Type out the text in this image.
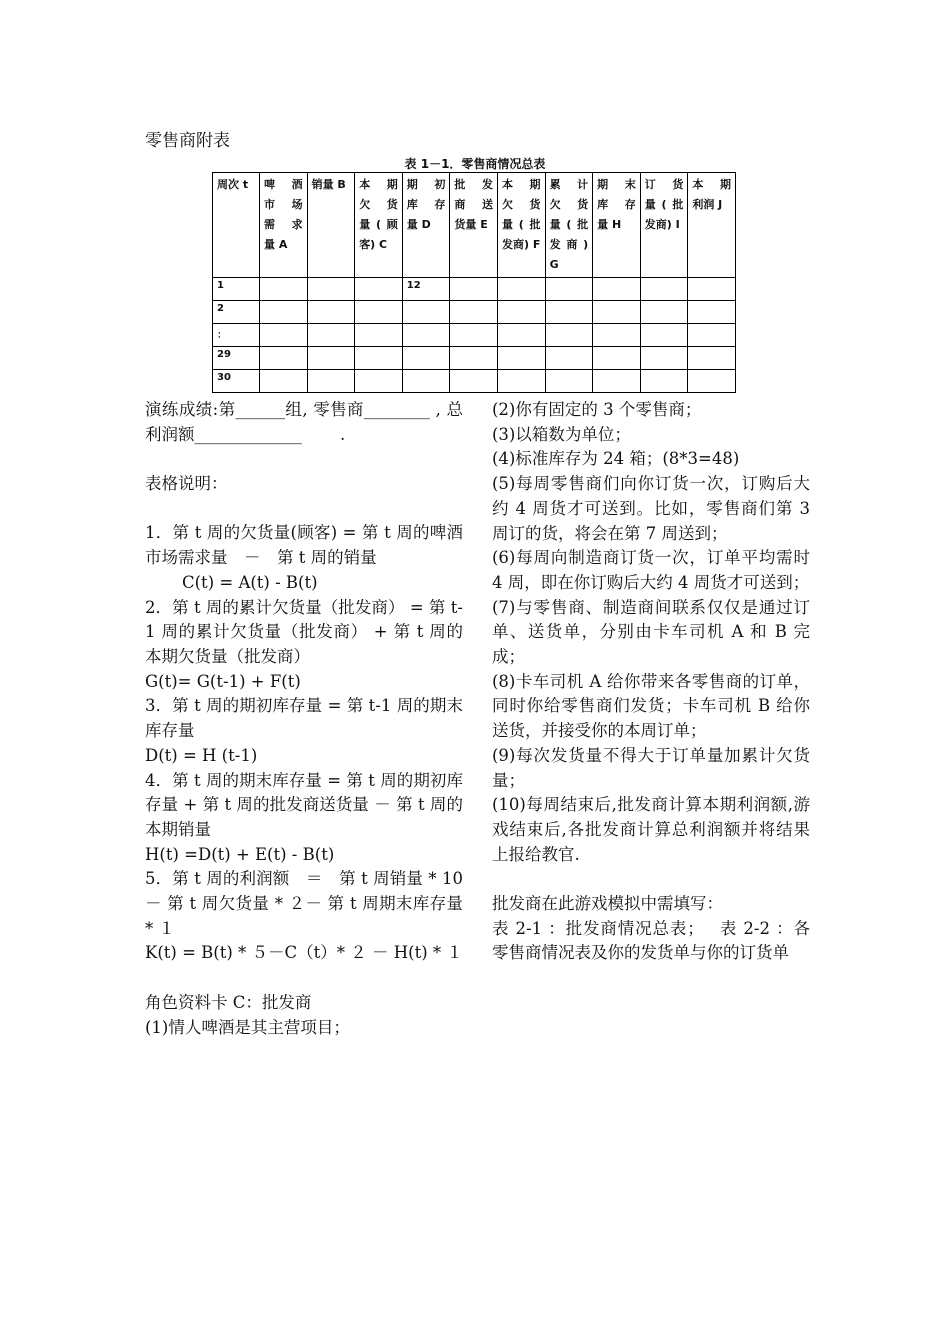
零售商附表
表 1－1．零售商情况总表
周次 t	啤 酒 市 场 需 求 量 A	销量 B	本 期 欠 货 量(顾客) C	期 初 库 存 量 D	批 发 商 送 货量 E	本 期 欠 货 量(批 发商) F	累 计 欠 货 量(批 发商) G	期 末 库 存 量 H	订 货 量(批 发商) I	本 期 利润 J
1				12						
2										
：										
29										
30										

演练成绩:第______组, 零售商________ , 总利润额_____________　　 .

表格说明：

1．第 t 周的欠货量(顾客) = 第 t 周的啤酒市场需求量　－　第 t 周的销量

C(t) = A(t) - B(t)

2．第 t 周的累计欠货量（批发商） = 第 t-1 周的累计欠货量（批发商） + 第 t 周的本期欠货量（批发商）

G(t)= G(t-1) + F(t)

3．第 t 周的期初库存量 = 第 t-1 周的期末库存量

D(t) = H (t-1)

4．第 t 周的期末库存量 = 第 t 周的期初库存量 + 第 t 周的批发商送货量 － 第 t 周的本期销量

H(t) =D(t) + E(t) - B(t)

5．第 t 周的利润额　＝　第 t 周销量 * 10－ 第 t 周欠货量 * ２－ 第 t 周期末库存量 * １

K(t) = B(t) * ５－C（t）* ２ － H(t) * １

角色资料卡 C：批发商

(1)情人啤酒是其主营项目；

(2)你有固定的 3 个零售商；

(3)以箱数为单位；

(4)标准库存为 24 箱；(8*3=48)

(5)每周零售商们向你订货一次，订购后大约 4 周货才可送到。比如，零售商们第 3 周订的货，将会在第 7 周送到；

(6)每周向制造商订货一次，订单平均需时 4 周，即在你订购后大约 4 周货才可送到；

(7)与零售商、制造商间联系仅仅是通过订单、送货单，分别由卡车司机 A 和 B 完成；

(8)卡车司机 A 给你带来各零售商的订单，同时你给零售商们发货；卡车司机 B 给你送货，并接受你的本周订单；

(9)每次发货量不得大于订单量加累计欠货量；

(10)每周结束后,批发商计算本期利润额,游戏结束后,各批发商计算总利润额并将结果上报给教官.

批发商在此游戏模拟中需填写：

表 2-1 ：批发商情况总表；　 表 2-2 ：各零售商情况表及你的发货单与你的订货单
